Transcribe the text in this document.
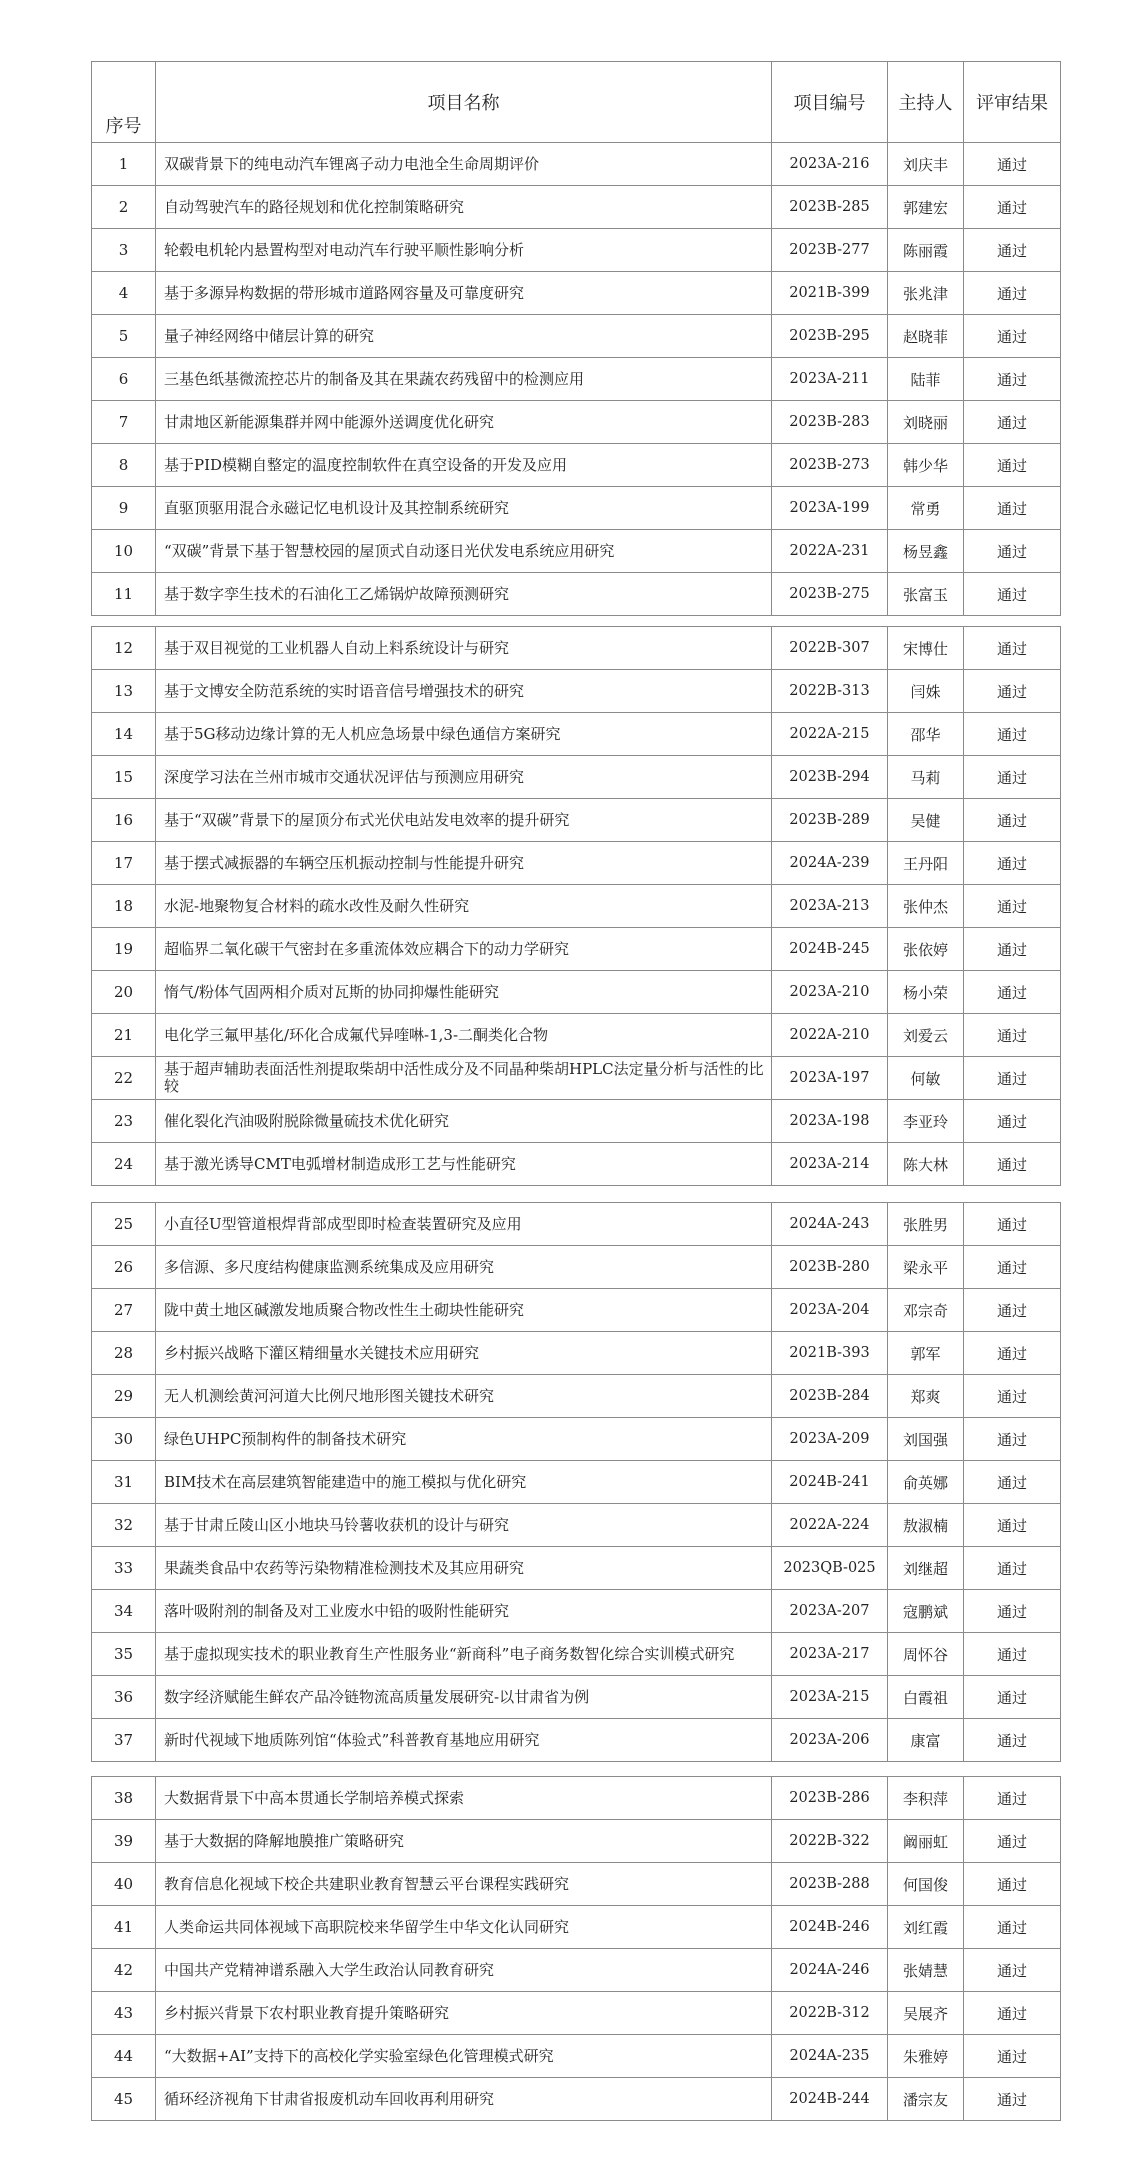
序号	项目名称	项目编号	主持人	评审结果
1	双碳背景下的纯电动汽车锂离子动力电池全生命周期评价	2023A-216	刘庆丰	通过
2	自动驾驶汽车的路径规划和优化控制策略研究	2023B-285	郭建宏	通过
3	轮毂电机轮内悬置构型对电动汽车行驶平顺性影响分析	2023B-277	陈丽霞	通过
4	基于多源异构数据的带形城市道路网容量及可靠度研究	2021B-399	张兆津	通过
5	量子神经网络中储层计算的研究	2023B-295	赵晓菲	通过
6	三基色纸基微流控芯片的制备及其在果蔬农药残留中的检测应用	2023A-211	陆菲	通过
7	甘肃地区新能源集群并网中能源外送调度优化研究	2023B-283	刘晓丽	通过
8	基于PID模糊自整定的温度控制软件在真空设备的开发及应用	2023B-273	韩少华	通过
9	直驱顶驱用混合永磁记忆电机设计及其控制系统研究	2023A-199	常勇	通过
10	“双碳”背景下基于智慧校园的屋顶式自动逐日光伏发电系统应用研究	2022A-231	杨昱鑫	通过
11	基于数字孪生技术的石油化工乙烯锅炉故障预测研究	2023B-275	张富玉	通过
12	基于双目视觉的工业机器人自动上料系统设计与研究	2022B-307	宋博仕	通过
13	基于文博安全防范系统的实时语音信号增强技术的研究	2022B-313	闫姝	通过
14	基于5G移动边缘计算的无人机应急场景中绿色通信方案研究	2022A-215	邵华	通过
15	深度学习法在兰州市城市交通状况评估与预测应用研究	2023B-294	马莉	通过
16	基于“双碳”背景下的屋顶分布式光伏电站发电效率的提升研究	2023B-289	吴健	通过
17	基于摆式减振器的车辆空压机振动控制与性能提升研究	2024A-239	王丹阳	通过
18	水泥-地聚物复合材料的疏水改性及耐久性研究	2023A-213	张仲杰	通过
19	超临界二氧化碳干气密封在多重流体效应耦合下的动力学研究	2024B-245	张依婷	通过
20	惰气/粉体气固两相介质对瓦斯的协同抑爆性能研究	2023A-210	杨小荣	通过
21	电化学三氟甲基化/环化合成氟代异喹啉-1,3-二酮类化合物	2022A-210	刘爱云	通过
22	基于超声辅助表面活性剂提取柴胡中活性成分及不同晶种柴胡HPLC法定量分析与活性的比较	2023A-197	何敏	通过
23	催化裂化汽油吸附脱除微量硫技术优化研究	2023A-198	李亚玲	通过
24	基于激光诱导CMT电弧增材制造成形工艺与性能研究	2023A-214	陈大林	通过
25	小直径U型管道根焊背部成型即时检查装置研究及应用	2024A-243	张胜男	通过
26	多信源、多尺度结构健康监测系统集成及应用研究	2023B-280	梁永平	通过
27	陇中黄土地区碱激发地质聚合物改性生土砌块性能研究	2023A-204	邓宗奇	通过
28	乡村振兴战略下灌区精细量水关键技术应用研究	2021B-393	郭军	通过
29	无人机测绘黄河河道大比例尺地形图关键技术研究	2023B-284	郑爽	通过
30	绿色UHPC预制构件的制备技术研究	2023A-209	刘国强	通过
31	BIM技术在高层建筑智能建造中的施工模拟与优化研究	2024B-241	俞英娜	通过
32	基于甘肃丘陵山区小地块马铃薯收获机的设计与研究	2022A-224	敖淑楠	通过
33	果蔬类食品中农药等污染物精准检测技术及其应用研究	2023QB-025	刘继超	通过
34	落叶吸附剂的制备及对工业废水中铅的吸附性能研究	2023A-207	寇鹏斌	通过
35	基于虚拟现实技术的职业教育生产性服务业“新商科”电子商务数智化综合实训模式研究	2023A-217	周怀谷	通过
36	数字经济赋能生鲜农产品冷链物流高质量发展研究-以甘肃省为例	2023A-215	白霞祖	通过
37	新时代视域下地质陈列馆“体验式”科普教育基地应用研究	2023A-206	康富	通过
38	大数据背景下中高本贯通长学制培养模式探索	2023B-286	李积萍	通过
39	基于大数据的降解地膜推广策略研究	2022B-322	阚丽虹	通过
40	教育信息化视域下校企共建职业教育智慧云平台课程实践研究	2023B-288	何国俊	通过
41	人类命运共同体视域下高职院校来华留学生中华文化认同研究	2024B-246	刘红霞	通过
42	中国共产党精神谱系融入大学生政治认同教育研究	2024A-246	张婧慧	通过
43	乡村振兴背景下农村职业教育提升策略研究	2022B-312	吴展齐	通过
44	“大数据+AI”支持下的高校化学实验室绿色化管理模式研究	2024A-235	朱雅婷	通过
45	循环经济视角下甘肃省报废机动车回收再利用研究	2024B-244	潘宗友	通过
